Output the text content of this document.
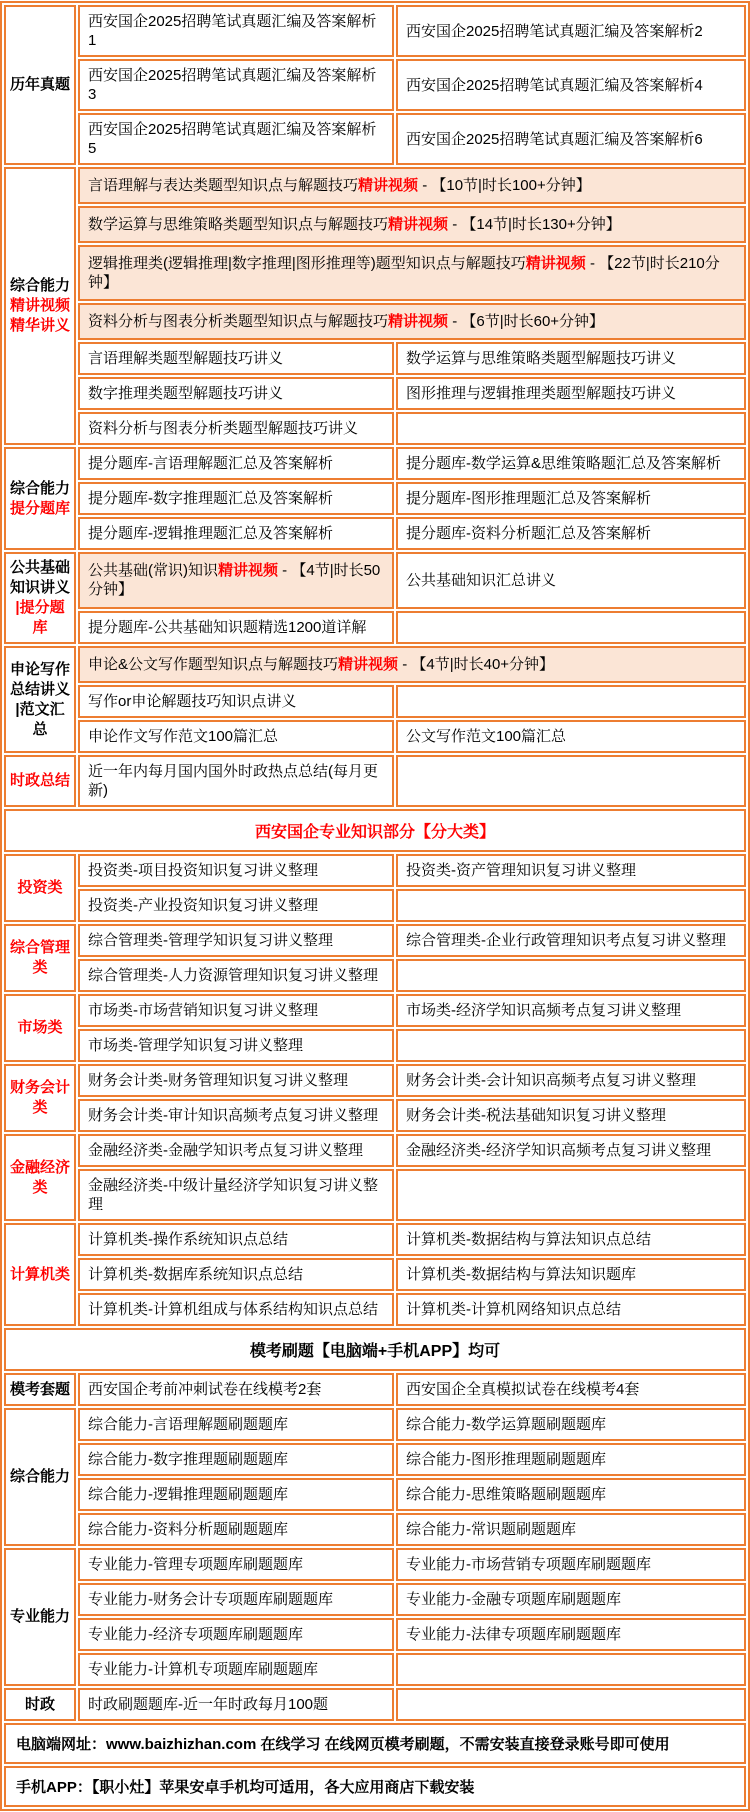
历年真题	西安国企2025招聘笔试真题汇编及答案解析1	西安国企2025招聘笔试真题汇编及答案解析2
	西安国企2025招聘笔试真题汇编及答案解析3	西安国企2025招聘笔试真题汇编及答案解析4
	西安国企2025招聘笔试真题汇编及答案解析5	西安国企2025招聘笔试真题汇编及答案解析6

综合能力
精讲视频
精华讲义	言语理解与表达类题型知识点与解题技巧精讲视频 - 【10节|时长100+分钟】	
	数学运算与思维策略类题型知识点与解题技巧精讲视频 - 【14节|时长130+分钟】	
	逻辑推理类(逻辑推理|数字推理|图形推理等)题型知识点与解题技巧精讲视频 - 【22节|时长210分钟】	
	资料分析与图表分析类题型知识点与解题技巧精讲视频 - 【6节|时长60+分钟】	
	言语理解类题型解题技巧讲义	数学运算与思维策略类题型解题技巧讲义
	数字推理类题型解题技巧讲义	图形推理与逻辑推理类题型解题技巧讲义
	资料分析与图表分析类题型解题技巧讲义	

综合能力
提分题库	提分题库-言语理解题汇总及答案解析	提分题库-数学运算&思维策略题汇总及答案解析
	提分题库-数字推理题汇总及答案解析	提分题库-图形推理题汇总及答案解析
	提分题库-逻辑推理题汇总及答案解析	提分题库-资料分析题汇总及答案解析

公共基础
知识讲义
|提分题库	公共基础(常识)知识精讲视频 - 【4节|时长50分钟】	公共基础知识汇总讲义
	提分题库-公共基础知识题精选1200道详解	

申论写作
总结讲义
|范文汇总	申论&公文写作题型知识点与解题技巧精讲视频 - 【4节|时长40+分钟】	
	写作or申论解题技巧知识点讲义	
	申论作文写作范文100篇汇总	公文写作范文100篇汇总

时政总结	近一年内每月国内国外时政热点总结(每月更新)	
西安国企专业知识部分【分大类】		

投资类	投资类-项目投资知识复习讲义整理	投资类-资产管理知识复习讲义整理
	投资类-产业投资知识复习讲义整理	

综合管理
类	综合管理类-管理学知识复习讲义整理	综合管理类-企业行政管理知识考点复习讲义整理
	综合管理类-人力资源管理知识复习讲义整理	

市场类	市场类-市场营销知识复习讲义整理	市场类-经济学知识高频考点复习讲义整理
	市场类-管理学知识复习讲义整理	

财务会计
类	财务会计类-财务管理知识复习讲义整理	财务会计类-会计知识高频考点复习讲义整理
	财务会计类-审计知识高频考点复习讲义整理	财务会计类-税法基础知识复习讲义整理

金融经济
类	金融经济类-金融学知识考点复习讲义整理	金融经济类-经济学知识高频考点复习讲义整理
	金融经济类-中级计量经济学知识复习讲义整理	

计算机类	计算机类-操作系统知识点总结	计算机类-数据结构与算法知识点总结
	计算机类-数据库系统知识点总结	计算机类-数据结构与算法知识题库
	计算机类-计算机组成与体系结构知识点总结	计算机类-计算机网络知识点总结
模考刷题【电脑端+手机APP】均可		

模考套题	西安国企考前冲刺试卷在线模考2套	西安国企全真模拟试卷在线模考4套

综合能力	综合能力-言语理解题刷题题库	综合能力-数学运算题刷题题库
	综合能力-数字推理题刷题题库	综合能力-图形推理题刷题题库
	综合能力-逻辑推理题刷题题库	综合能力-思维策略题刷题题库
	综合能力-资料分析题刷题题库	综合能力-常识题刷题题库

专业能力	专业能力-管理专项题库刷题题库	专业能力-市场营销专项题库刷题题库
	专业能力-财务会计专项题库刷题题库	专业能力-金融专项题库刷题题库
	专业能力-经济专项题库刷题题库	专业能力-法律专项题库刷题题库
	专业能力-计算机专项题库刷题题库	

时政	时政刷题题库-近一年时政每月100题	
电脑端网址：www.baizhizhan.com 在线学习 在线网页模考刷题，不需安装直接登录账号即可使用		
手机APP：【职小灶】苹果安卓手机均可适用，各大应用商店下载安装		
